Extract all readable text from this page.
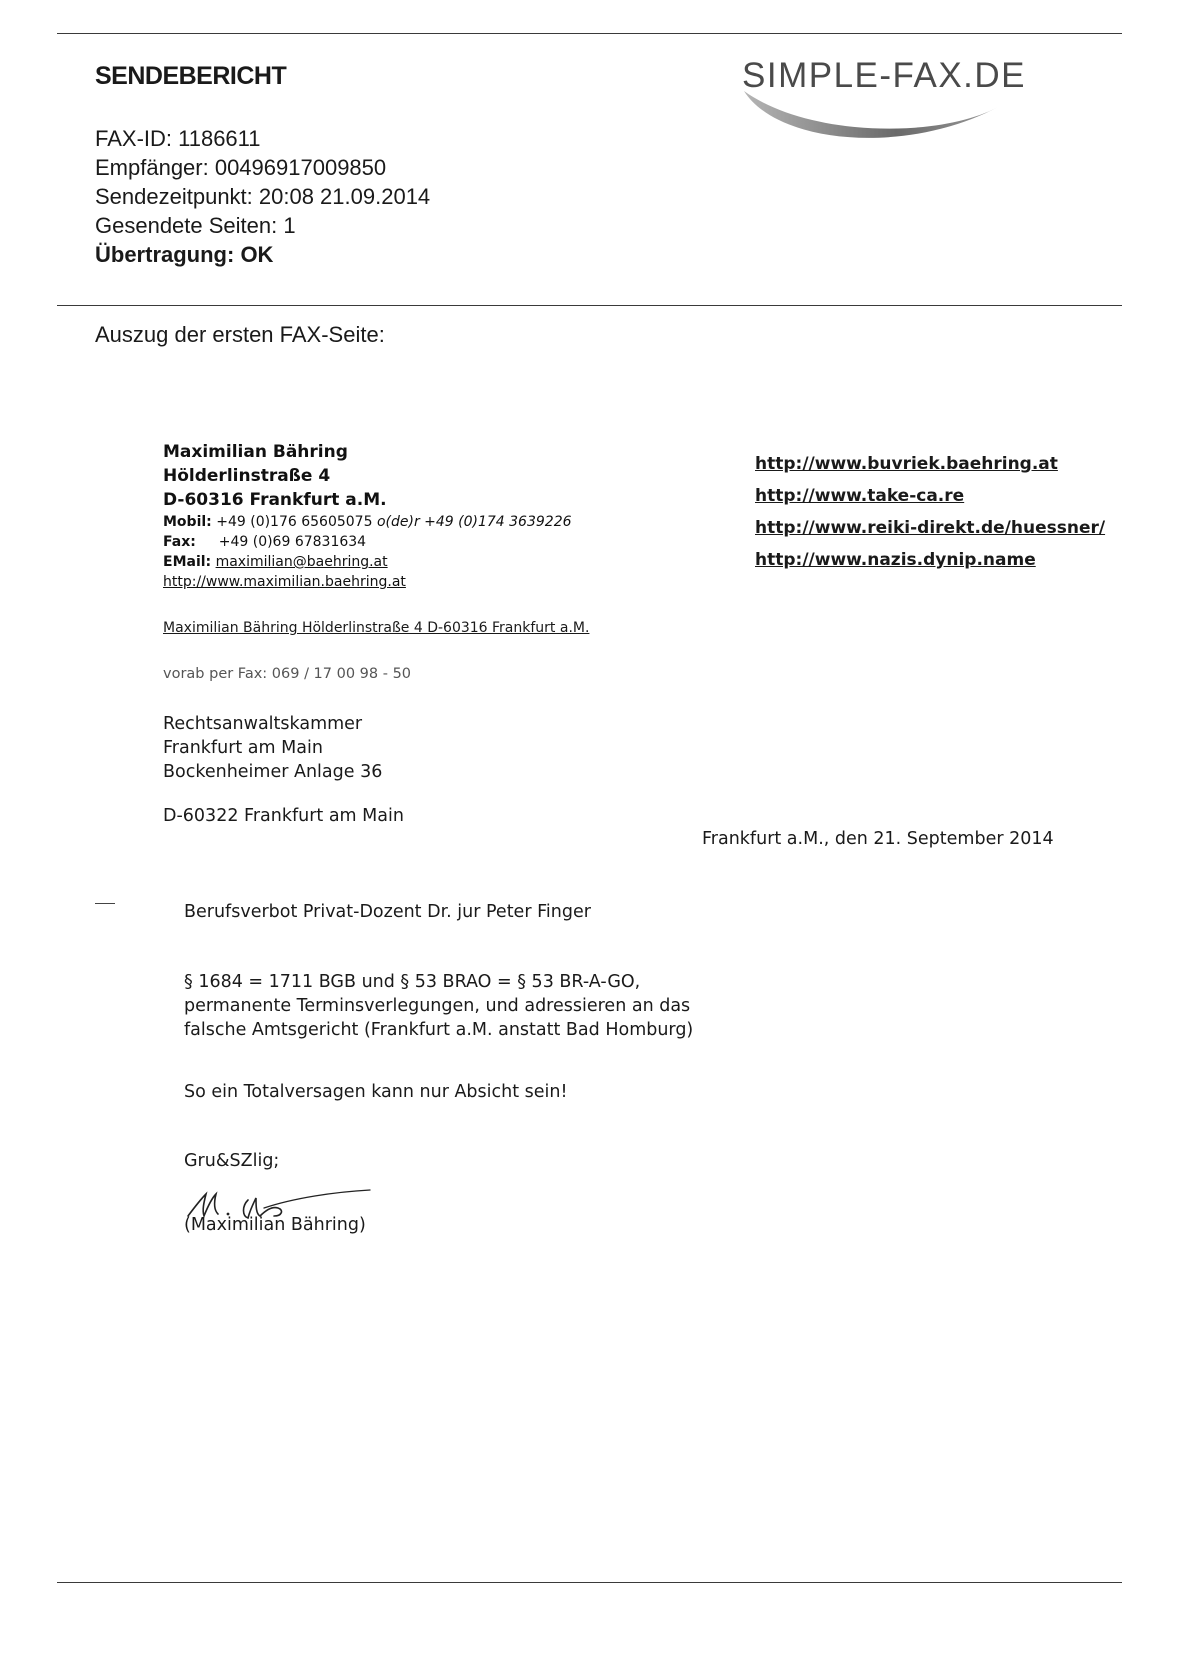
SENDEBERICHT
FAX-ID: 1186611
Empfänger: 00496917009850
Sendezeitpunkt: 20:08 21.09.2014
Gesendete Seiten: 1
Übertragung: OK
SIMPLE-FAX.DE
Auszug der ersten FAX-Seite:
Maximilian Bähring
Hölderlinstraße 4
D-60316 Frankfurt a.M.
Mobil: +49 (0)176 65605075 o(de)r +49 (0)174 3639226
Fax: +49 (0)69 67831634
EMail: maximilian@baehring.at
http://www.maximilian.baehring.at
http://www.buvriek.baehring.at
http://www.take-ca.re
http://www.reiki-direkt.de/huessner/
http://www.nazis.dynip.name
Maximilian Bähring Hölderlinstraße 4 D-60316 Frankfurt a.M.
vorab per Fax: 069 / 17 00 98 - 50
Rechtsanwaltskammer
Frankfurt am Main
Bockenheimer Anlage 36
D-60322 Frankfurt am Main
Frankfurt a.M., den 21. September 2014
Berufsverbot Privat-Dozent Dr. jur Peter Finger
§ 1684 = 1711 BGB und § 53 BRAO = § 53 BR-A-GO,
permanente Terminsverlegungen, und adressieren an das
falsche Amtsgericht (Frankfurt a.M. anstatt Bad Homburg)
So ein Totalversagen kann nur Absicht sein!
Gru&SZlig;
(Maximilian Bähring)
